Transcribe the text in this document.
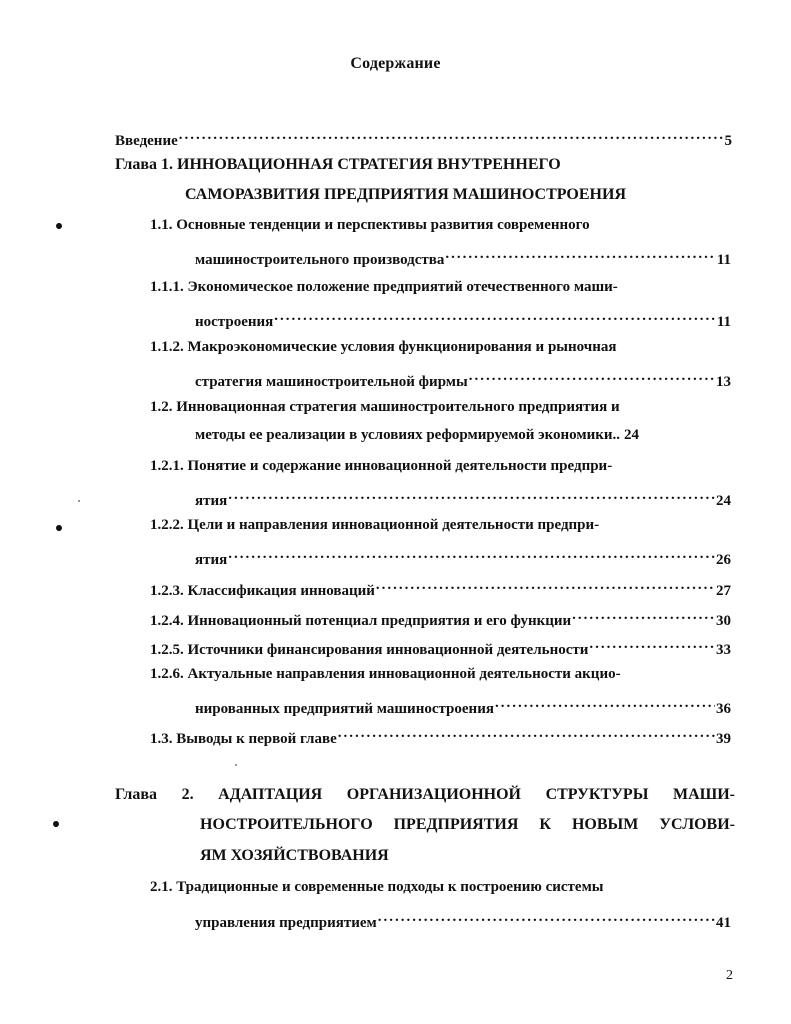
Содержание
Введение .....	5
Глава 1. ИННОВАЦИОННАЯ СТРАТЕГИЯ ВНУТРЕННЕГО
САМОРАЗВИТИЯ ПРЕДПРИЯТИЯ МАШИНОСТРОЕНИЯ
1.1. Основные тенденции и перспективы развития современного
машиностроительного производства .....	11
1.1.1. Экономическое положение предприятий отечественного маши-
ностроения .....	11
1.1.2. Макроэкономические условия функционирования и рыночная
стратегия машиностроительной фирмы .....	13
1.2. Инновационная стратегия машиностроительного предприятия и
методы ее реализации в условиях реформируемой экономики.. 24
1.2.1. Понятие и содержание инновационной деятельности предпри-
ятия .....	24
1.2.2. Цели и направления инновационной деятельности предпри-
ятия .....	26
1.2.3. Классификация инноваций .....	27
1.2.4. Инновационный потенциал предприятия и его функции .....	30
1.2.5. Источники финансирования инновационной деятельности .....	33
1.2.6. Актуальные направления инновационной деятельности акцио-
нированных предприятий машиностроения .....	36
1.3. Выводы к первой главе .....	39
Глава 2. АДАПТАЦИЯ ОРГАНИЗАЦИОННОЙ СТРУКТУРЫ МАШИ-
НОСТРОИТЕЛЬНОГО ПРЕДПРИЯТИЯ К НОВЫМ УСЛОВИ-
ЯМ ХОЗЯЙСТВОВАНИЯ
2.1. Традиционные и современные подходы к построению системы
управления предприятием .....	41
2
